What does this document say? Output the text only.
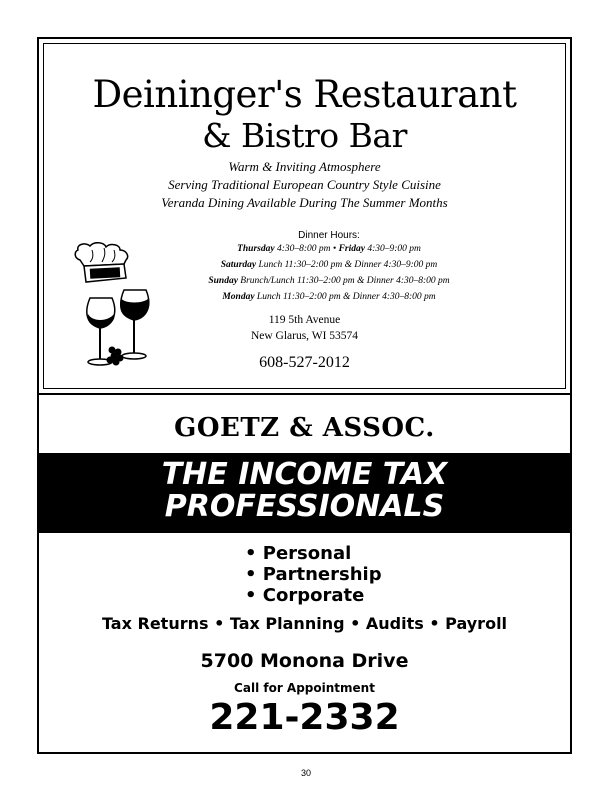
Deininger's Restaurant
& Bistro Bar
Warm & Inviting Atmosphere
Serving Traditional European Country Style Cuisine
Veranda Dining Available During The Summer Months
Dinner Hours:
Thursday 4:30–8:00 pm • Friday 4:30–9:00 pm
Saturday Lunch 11:30–2:00 pm & Dinner 4:30–9:00 pm
Sunday Brunch/Lunch 11:30–2:00 pm & Dinner 4:30–8:00 pm
Monday Lunch 11:30–2:00 pm & Dinner 4:30–8:00 pm
119 5th Avenue
New Glarus, WI 53574
608-527-2012
GOETZ & ASSOC.
THE INCOME TAX
PROFESSIONALS
• Personal
• Partnership
• Corporate
Tax Returns • Tax Planning • Audits • Payroll
5700 Monona Drive
Call for Appointment
221-2332
30
